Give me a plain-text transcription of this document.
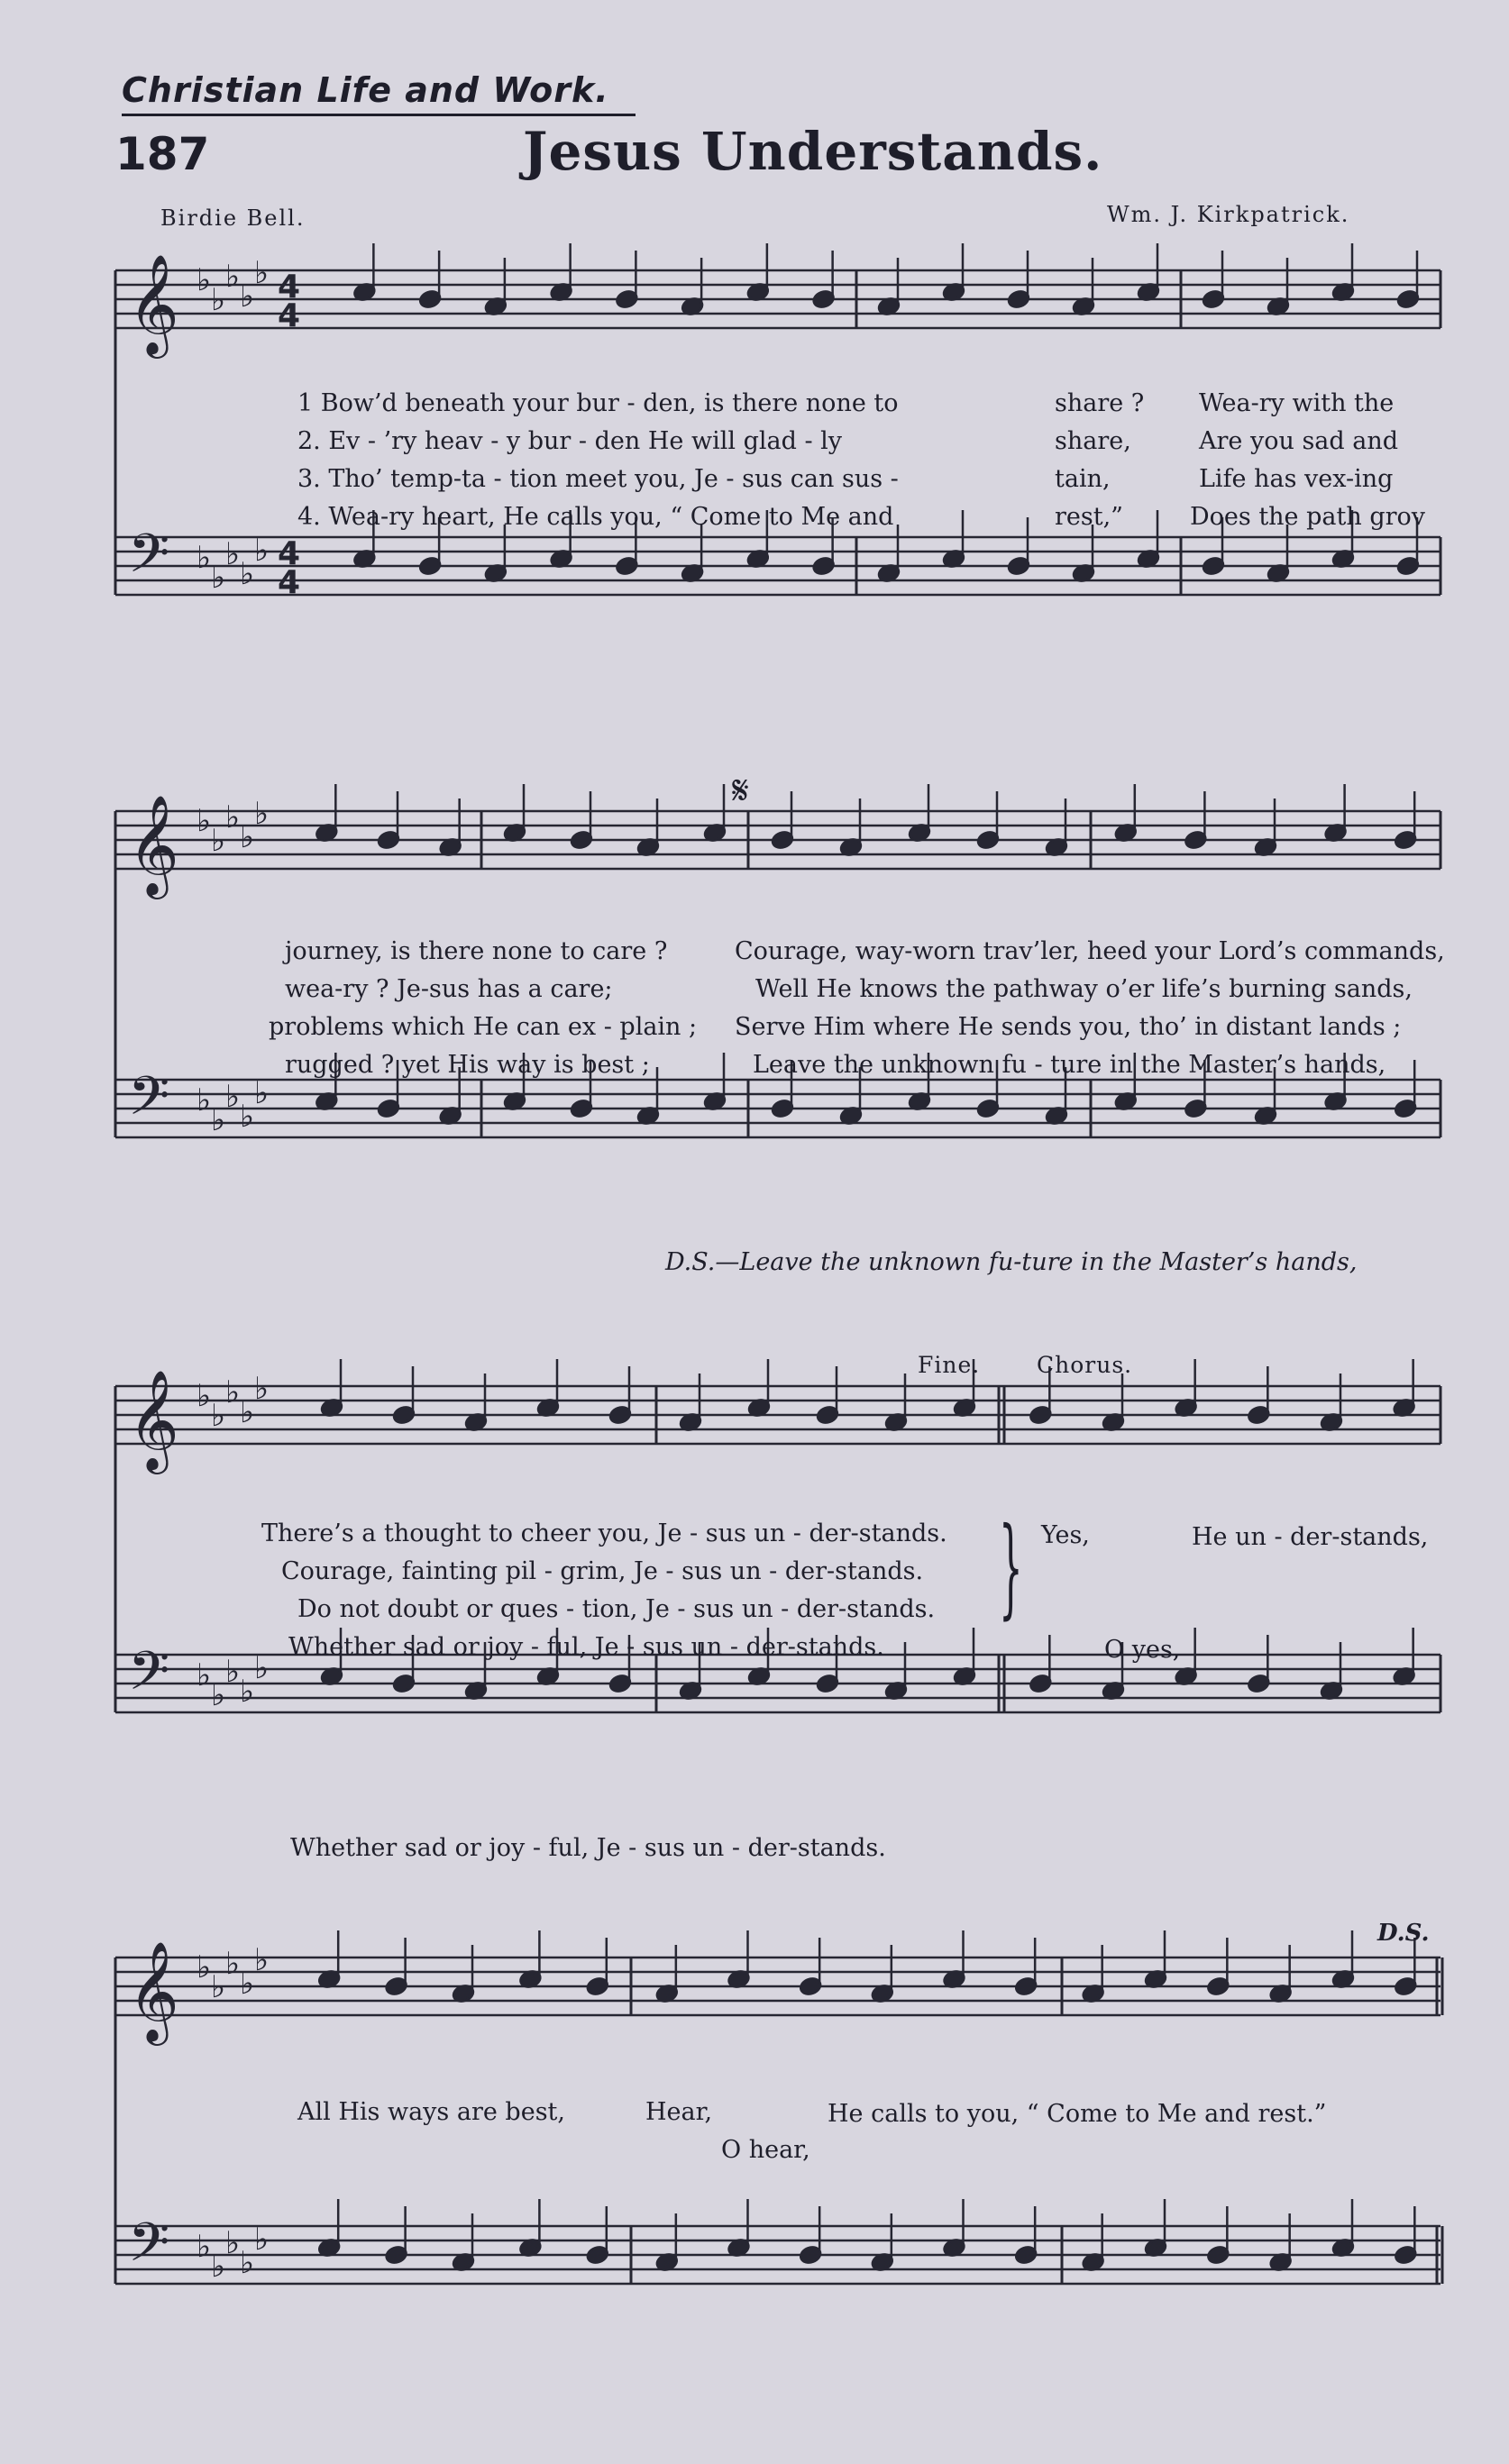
Christian Life and Work.
187	Jesus Understands.
Birdie Bell.	Wm. J. Kirkpatrick.
𝄞
𝄢
♭
♭
♭
♭
♭
♭
♭
♭
♭
♭
4
4
4
4
𝄞
𝄢
♭
♭
♭
♭
♭
♭
♭
♭
♭
♭
𝄞
𝄢
♭
♭
♭
♭
♭
♭
♭
♭
♭
♭
𝄞
𝄢
♭
♭
♭
♭
♭
♭
♭
♭
♭
♭
1 Bow’d beneath your bur - den, is there none to	share ? Wea-ry with the
2. Ev - ’ry heav - y bur - den He will glad - ly	share,	Are you sad and
3. Tho’ temp-ta - tion meet you, Je - sus can sus -	tain,	Life has vex-ing
4. Wea-ry heart, He calls you, “ Come to Me and	rest,”	Does the path grov
𝄋
journey, is there none to care ?	Courage, way-worn trav’ler, heed your Lord’s commands,
wea-ry ? Je-sus has a care;	Well He knows the pathway o’er life’s burning sands,
problems which He can ex - plain ; Serve Him where He sends you, tho’ in distant lands ;
rugged ? yet His way is best ;	Leave the unknown fu - ture in the Master’s hands,
D.S.—Leave the unknown fu-ture in the Master’s hands,
Fine.	Chorus.
There’s a thought to cheer you, Je - sus un - der-stands.
Courage, fainting pil - grim, Je - sus un - der-stands.
Do not doubt or ques - tion, Je - sus un - der-stands.
Whether sad or joy - ful, Je - sus un - der-stands.
} Yes,	He un - der-stands,
O yes,
Whether sad or joy - ful, Je - sus un - der-stands.
D.S.
All His ways are best,	Hear,	He calls to you, “ Come to Me and rest.”
O hear,
